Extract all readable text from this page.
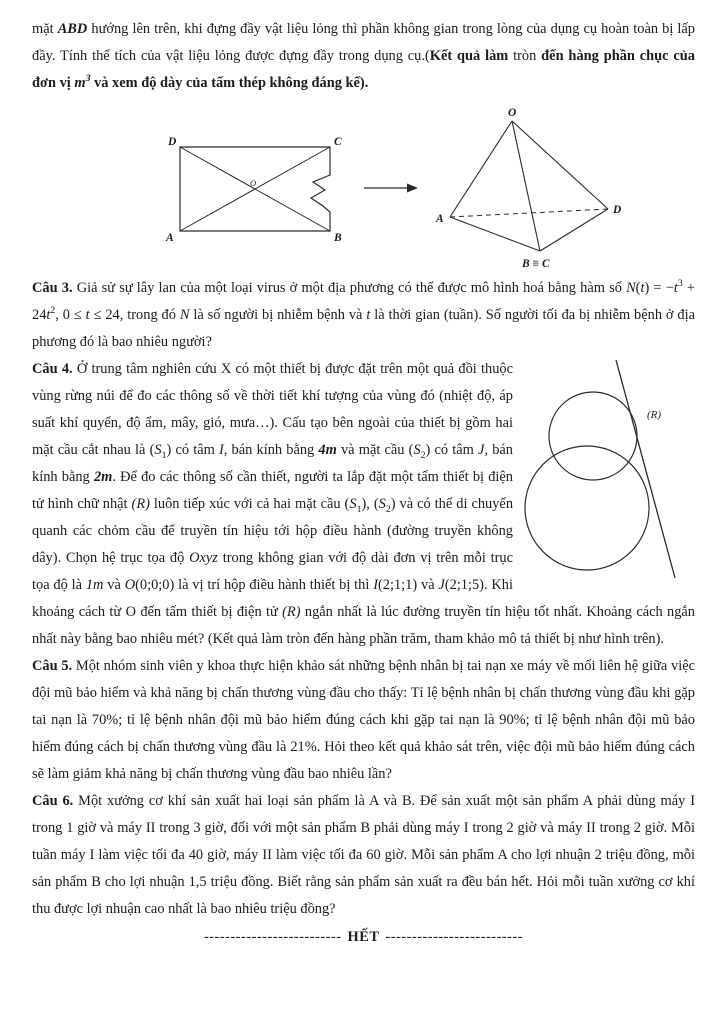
mặt ABD hướng lên trên, khi đựng đầy vật liệu lỏng thì phần không gian trong lòng của dụng cụ hoàn toàn bị lấp đầy. Tính thể tích của vật liệu lỏng được đựng đầy trong dụng cụ.(Kết quả làm tròn đến hàng phần chục của đơn vị $m^3$ và xem độ dày của tấm thép không đáng kể).
D	C
A	B
O
O
A
D
B ≡ C
Câu 3. Giả sử sự lây lan của một loại virus ở một địa phương có thể được mô hình hoá bằng hàm số $N(t) = -t^3 + 24t^2$, 0 ≤ t ≤ 24, trong đó N là số người bị nhiễm bệnh và t là thời gian (tuần). Số người tối đa bị nhiễm bệnh ở địa phương đó là bao nhiêu người?
(R)
Câu 4. Ở trung tâm nghiên cứu X có một thiết bị được đặt trên một quả đồi thuộc vùng rừng núi để đo các thông số về thời tiết khí tượng của vùng đó (nhiệt độ, áp suất khí quyển, độ ẩm, mây, gió, mưa…). Cấu tạo bên ngoài của thiết bị gồm hai mặt cầu cắt nhau là $(S_1)$ có tâm I, bán kính bằng 4m và mặt cầu $(S_2)$ có tâm J, bán kính bằng 2m. Để đo các thông số cần thiết, người ta lắp đặt một tấm thiết bị điện tử hình chữ nhật (R) luôn tiếp xúc với cả hai mặt cầu $(S_1)$, $(S_2)$ và có thể di chuyển quanh các chỏm cầu để truyền tín hiệu tới hộp điều hành (đường truyền không dây). Chọn hệ trục tọa độ Oxyz trong không gian với độ dài đơn vị trên mỗi trục tọa độ là 1m và O(0;0;0) là vị trí hộp điều hành thiết bị thì I(2;1;1) và J(2;1;5). Khi khoảng cách từ O đến tấm thiết bị điện tử (R) ngắn nhất là lúc đường truyền tín hiệu tốt nhất. Khoảng cách ngắn nhất này bằng bao nhiêu mét? (Kết quả làm tròn đến hàng phần trăm, tham khảo mô tả thiết bị như hình trên).
Câu 5. Một nhóm sinh viên y khoa thực hiện khảo sát những bệnh nhân bị tai nạn xe máy về mối liên hệ giữa việc đội mũ bảo hiểm và khả năng bị chấn thương vùng đầu cho thấy: Tỉ lệ bệnh nhân bị chấn thương vùng đầu khi gặp tai nạn là 70%; tỉ lệ bệnh nhân đội mũ bảo hiểm đúng cách khi gặp tai nạn là 90%; tỉ lệ bệnh nhân đội mũ bảo hiểm đúng cách bị chấn thương vùng đầu là 21%. Hỏi theo kết quả khảo sát trên, việc đội mũ bảo hiểm đúng cách sẽ làm giảm khả năng bị chấn thương vùng đầu bao nhiêu lần?
Câu 6. Một xưởng cơ khí sản xuất hai loại sản phẩm là A và B. Để sản xuất một sản phẩm A phải dùng máy I trong 1 giờ và máy II trong 3 giờ, đối với một sản phẩm B phải dùng máy I trong 2 giờ và máy II trong 2 giờ. Mỗi tuần máy I làm việc tối đa 40 giờ, máy II làm việc tối đa 60 giờ. Mỗi sản phẩm A cho lợi nhuận 2 triệu đồng, mỗi sản phẩm B cho lợi nhuận 1,5 triệu đồng. Biết rằng sản phẩm sản xuất ra đều bán hết. Hỏi mỗi tuần xưởng cơ khí thu được lợi nhuận cao nhất là bao nhiêu triệu đồng?
-------------------------- HẾT --------------------------
